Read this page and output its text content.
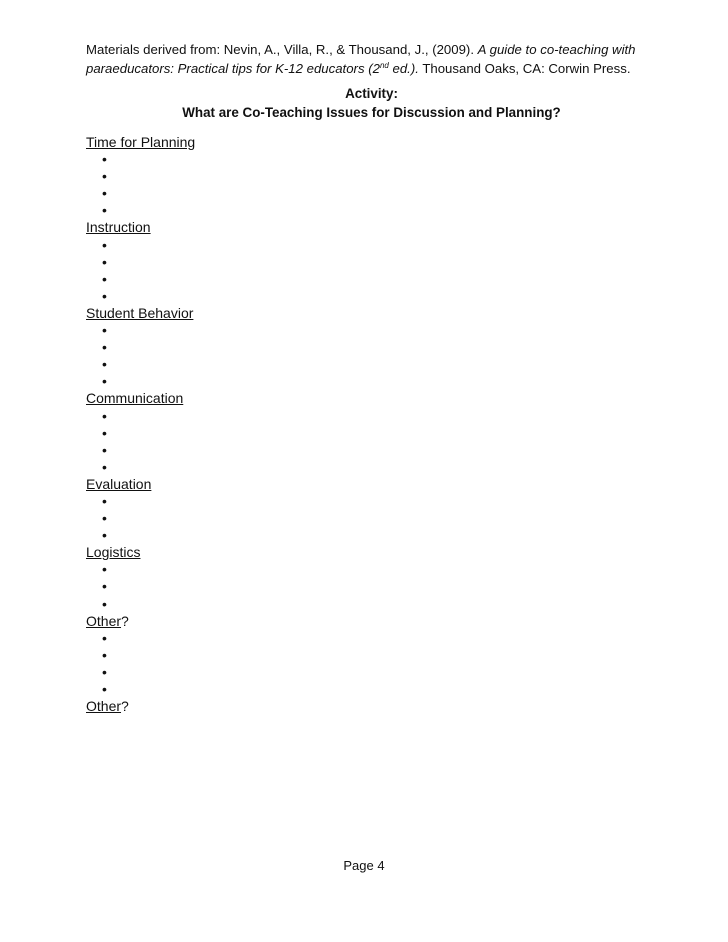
Materials derived from: Nevin, A., Villa, R., & Thousand, J., (2009). A guide to co-teaching with
paraeducators: Practical tips for K-12 educators (2nd ed.). Thousand Oaks, CA: Corwin Press.
Activity:
What are Co-Teaching Issues for Discussion and Planning?
Time for Planning
•
•
•
•
Instruction
•
•
•
•
Student Behavior
•
•
•
•
Communication
•
•
•
•
Evaluation
•
•
•
Logistics
•
•
•
Other?
•
•
•
•
Other?
Page 4
